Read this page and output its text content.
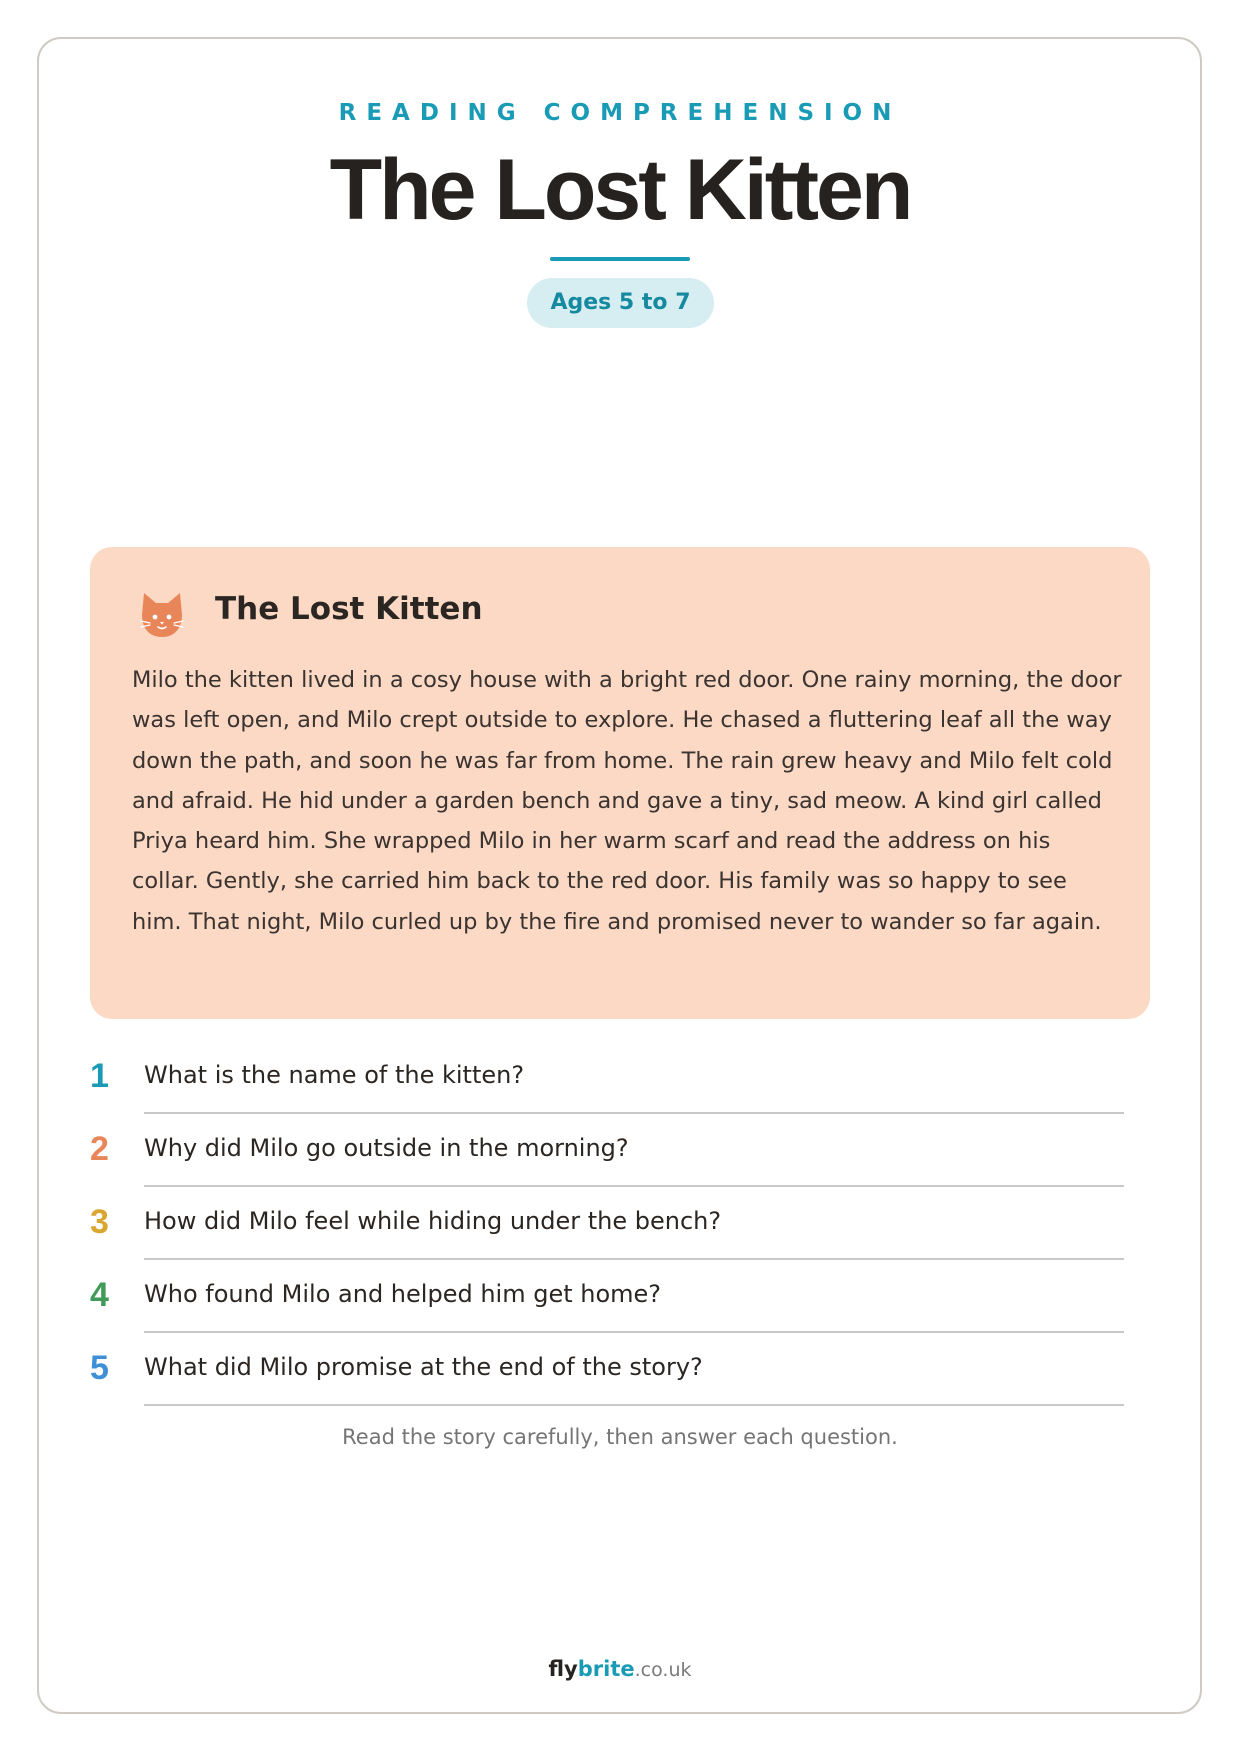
READING COMPREHENSION
The Lost Kitten
Ages 5 to 7
The Lost Kitten

Milo the kitten lived in a cosy house with a bright red door. One rainy morning, the door was left open, and Milo crept outside to explore. He chased a fluttering leaf all the way down the path, and soon he was far from home. The rain grew heavy and Milo felt cold and afraid. He hid under a garden bench and gave a tiny, sad meow. A kind girl called Priya heard him. She wrapped Milo in her warm scarf and read the address on his collar. Gently, she carried him back to the red door. His family was so happy to see him. That night, Milo curled up by the fire and promised never to wander so far again.

1 What is the name of the kitten?
2 Why did Milo go outside in the morning?
3 How did Milo feel while hiding under the bench?
4 Who found Milo and helped him get home?
5 What did Milo promise at the end of the story?
Read the story carefully, then answer each question.
flybrite.co.uk
